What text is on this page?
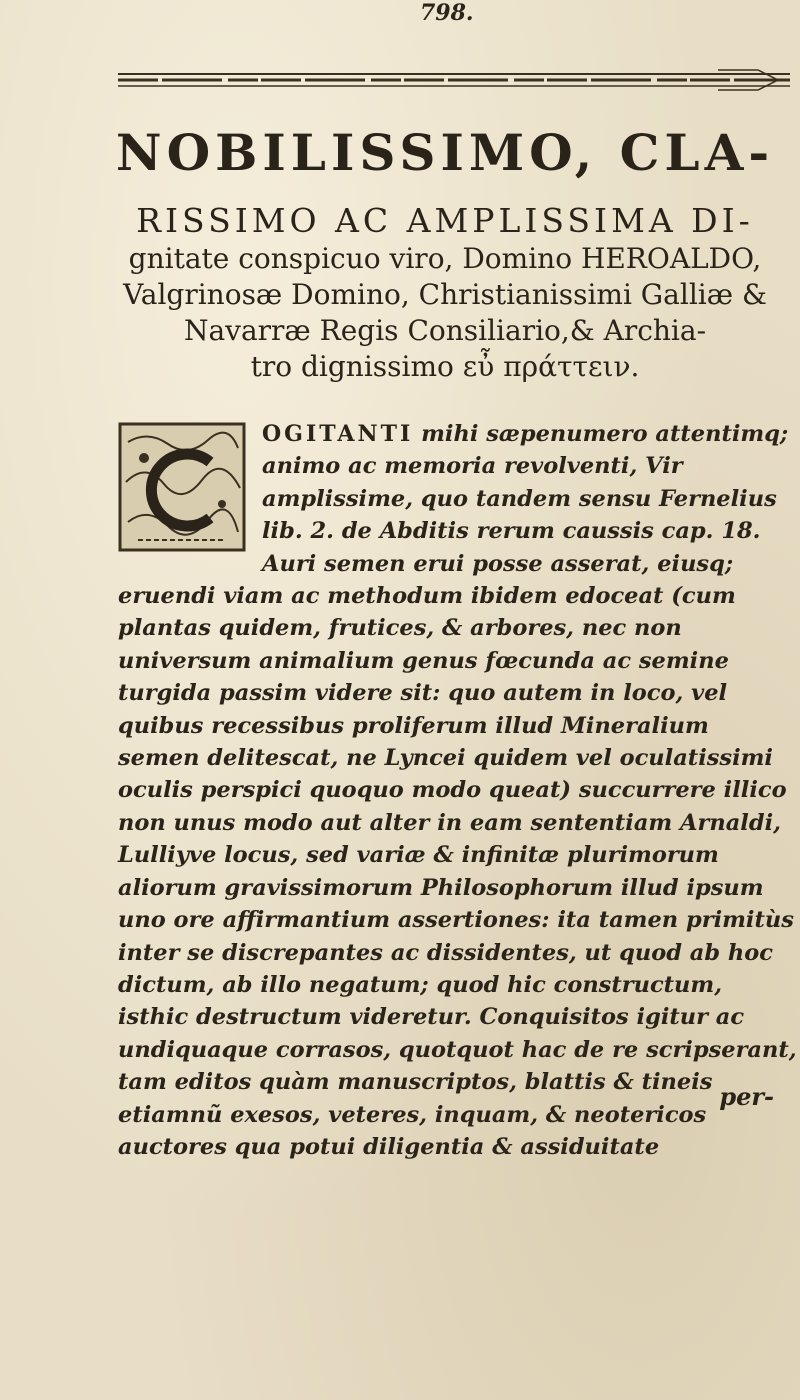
798.
NOBILISSIMO, CLA-
RISSIMO AC AMPLISSIMA DI-
gnitate conspicuo viro, Domino HEROALDO,
Valgrinosæ Domino, Christianissimi Galliæ &
Navarræ Regis Consiliario,& Archia-
tro dignissimo εὖ πράττειν.
OGITANTI mihi sæpenumero attentimq; animo ac memoria revolventi, Vir amplissime, quo tandem sensu Fernelius lib. 2. de Abditis rerum caussis cap. 18. Auri semen erui posse asserat, eiusq; eruendi viam ac methodum ibidem edoceat (cum plantas quidem, frutices, & arbores, nec non universum animalium genus fœcunda ac semine turgida passim videre sit: quo autem in loco, vel quibus recessibus proliferum illud Mineralium semen delitescat, ne Lyncei quidem vel oculatissimi oculis perspici quoquo modo queat) succurrere illico non unus modo aut alter in eam sententiam Arnaldi, Lulliyve locus, sed variæ & infinitæ plurimorum aliorum gravissimorum Philosophorum illud ipsum uno ore affirmantium assertiones: ita tamen primitùs inter se discrepantes ac dissidentes, ut quod ab hoc dictum, ab illo negatum; quod hic constructum, isthic destructum videretur. Conquisitos igitur ac undiquaque corrasos, quotquot hac de re scripserant, tam editos quàm manuscriptos, blattis & tineis etiamnũ exesos, veteres, inquam, & neotericos auctores qua potui diligentia & assiduitate
per-
